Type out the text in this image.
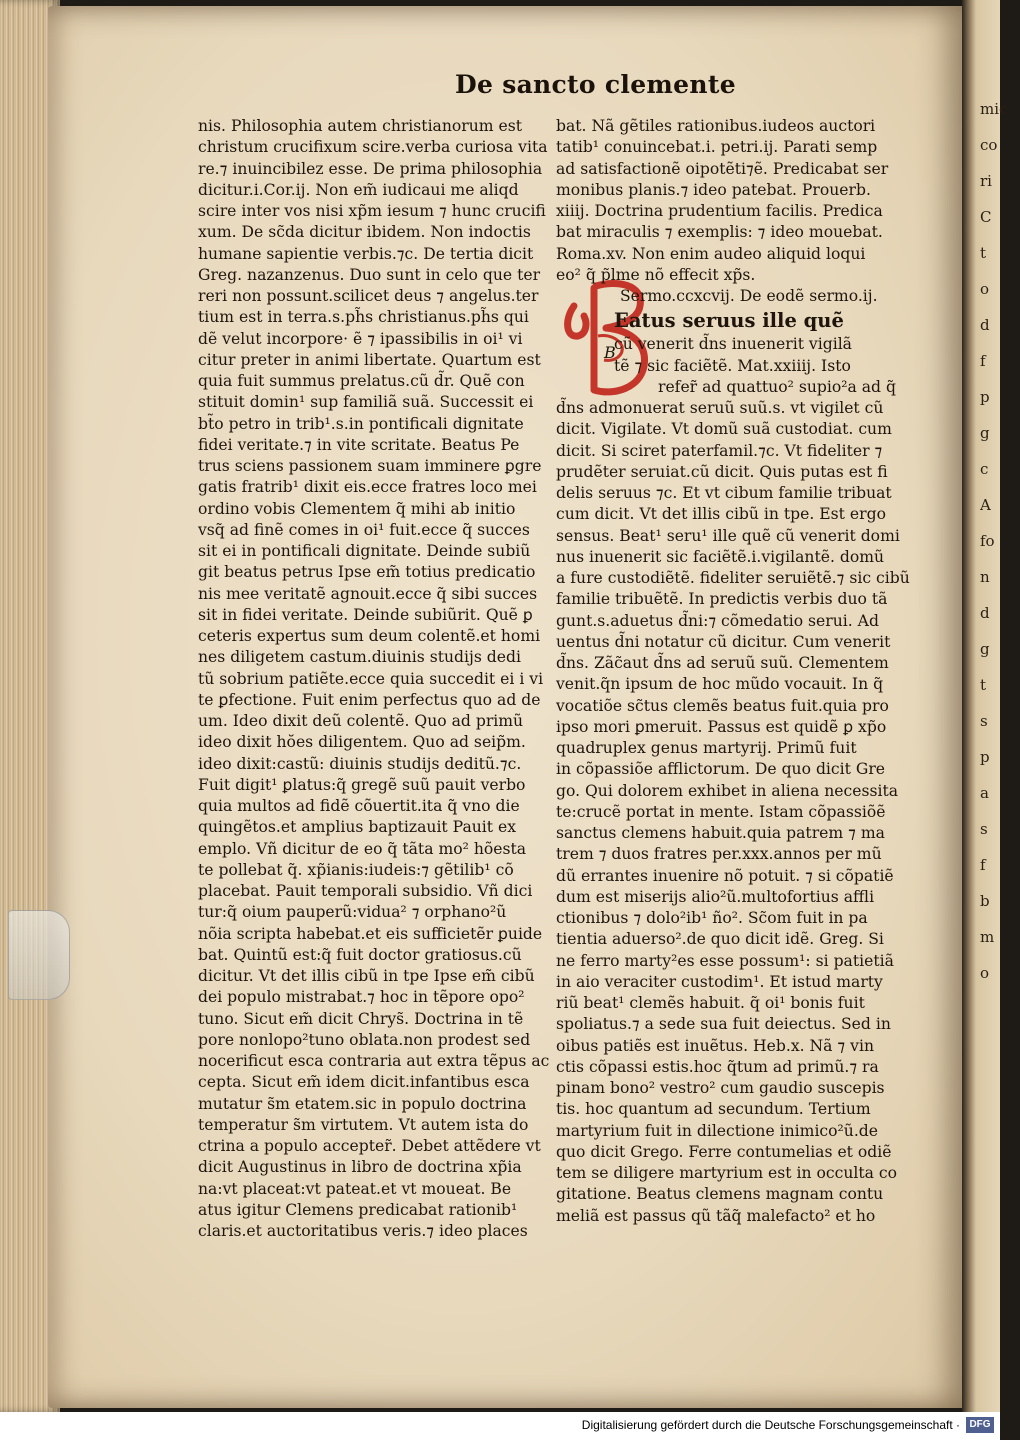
mic
co
ri
C
t
o
d
f
p
g
c
A
fo
n
d
g
t
s
p
a
s
f
b
m
o
De sancto clemente
nis. Philosophia autem christianorum est
christum crucifixum scire.verba curiosa vita
re.⁊ inuincibilez esse. De prima philosophia
dicitur.i.Cor.ij. Non em̃ iudicaui me aliqd
scire inter vos nisi xp̃m iesum ⁊ hunc crucifi
xum. De sc̃da dicitur ibidem. Non indoctis
humane sapientie verbis.⁊c. De tertia dicit
Greg. nazanzenus. Duo sunt in celo que ter
reri non possunt.scilicet deus ⁊ angelus.ter
tium est in terra.s.ph̃s christianus.ph̃s qui
dẽ velut incorpore· ẽ ⁊ ipassibilis in oi¹ vi
citur preter in animi libertate. Quartum est
quia fuit summus prelatus.cũ d̃r. Quẽ con
stituit domin¹ sup familiã suã. Successit ei
bt̃o petro in trib¹.s.in pontificali dignitate
fidei veritate.⁊ in vite scritate. Beatus Pe
trus sciens passionem suam imminere ꝑgre
gatis fratrib¹ dixit eis.ecce fratres loco mei
ordino vobis Clementem q̃ mihi ab initio
vsq̃ ad finẽ comes in oi¹ fuit.ecce q̃ succes
sit ei in pontificali dignitate. Deinde subiũ
git beatus petrus Ipse em̃ totius predicatio
nis mee veritatẽ agnouit.ecce q̃ sibi succes
sit in fidei veritate. Deinde subiũrit. Quẽ ꝑ
ceteris expertus sum deum colentẽ.et homi
nes diligetem castum.diuinis studijs dedi
tũ sobrium patiẽte.ecce quia succedit ei i vi
te ꝑfectione. Fuit enim perfectus quo ad de
um. Ideo dixit deũ colentẽ. Quo ad primũ
ideo dixit hŏes diligentem. Quo ad seip̃m.
ideo dixit:castũ: diuinis studijs deditũ.⁊c.
Fuit digit¹ ꝑlatus:q̃ gregẽ suũ pauit verbo
quia multos ad fidẽ cõuertit.ita q̃ vno die
quingẽtos.et amplius baptizauit Pauit ex
emplo. Vñ dicitur de eo q̃ tãta mo² hõesta
te pollebat q̃. xp̃ianis:iudeis:⁊ gẽtilib¹ cõ
placebat. Pauit temporali subsidio. Vñ dici
tur:q̃ oium pauperũ:vidua² ⁊ orphano²ũ
nõia scripta habebat.et eis sufficietẽr ꝑuide
bat. Quintũ est:q̃ fuit doctor gratiosus.cũ
dicitur. Vt det illis cibũ in tpe Ipse em̃ cibũ
dei populo mistrabat.⁊ hoc in tẽpore opo²
tuno. Sicut em̃ dicit Chrys̃. Doctrina in tẽ
pore nonlopo²tuno oblata.non prodest sed
nocerificut esca contraria aut extra tẽpus ac
cepta. Sicut em̃ idem dicit.infantibus esca
mutatur s̃m etatem.sic in populo doctrina
temperatur s̃m virtutem. Vt autem ista do
ctrina a populo accepter̃. Debet attẽdere vt
dicit Augustinus in libro de doctrina xp̃ia
na:vt placeat:vt pateat.et vt moueat. Be
atus igitur Clemens predicabat rationib¹
claris.et auctoritatibus veris.⁊ ideo places
B
bat. Nã gẽtiles rationibus.iudeos auctori
tatib¹ conuincebat.i. petri.ij. Parati semp
ad satisfactionẽ oipotẽti⁊ẽ. Predicabat ser
monibus planis.⁊ ideo patebat. Prouerb.
xiiij. Doctrina prudentium facilis. Predica
bat miraculis ⁊ exemplis: ⁊ ideo mouebat.
Roma.xv. Non enim audeo aliquid loqui
eo² q̃ p̃lme nõ effecit xp̃s.
Sermo.ccxcvij. De eodẽ sermo.ij.
Eatus seruus ille quẽ
cũ venerit d̃ns inuenerit vigilã
tẽ ⁊ sic faciẽtẽ. Mat.xxiiij. Isto
refer̃ ad quattuo² supio²a ad q̃
d̃ns admonuerat seruũ suũ.s. vt vigilet cũ
dicit. Vigilate. Vt domũ suã custodiat. cum
dicit. Si sciret paterfamil.⁊c. Vt fideliter ⁊
prudẽter seruiat.cũ dicit. Quis putas est fi
delis seruus ⁊c. Et vt cibum familie tribuat
cum dicit. Vt det illis cibũ in tpe. Est ergo
sensus. Beat¹ seru¹ ille quẽ cũ venerit domi
nus inuenerit sic faciẽtẽ.i.vigilantẽ. domũ
a fure custodiẽtẽ. fideliter seruiẽtẽ.⁊ sic cibũ
familie tribuẽtẽ. In predictis verbis duo tã
gunt.s.aduetus d̃ni:⁊ cõmedatio serui. Ad
uentus d̃ni notatur cũ dicitur. Cum venerit
d̃ns. Zãc̃aut d̃ns ad seruũ suũ. Clementem
venit.q̃n ipsum de hoc mũdo vocauit. In q̃
vocatiõe sc̃tus clemẽs beatus fuit.quia pro
ipso mori ꝑmeruit. Passus est quidẽ ꝑ xp̃o
quadruplex genus martyrij. Primũ fuit
in cõpassiõe afflictorum. De quo dicit Gre
go. Qui dolorem exhibet in aliena necessita
te:crucẽ portat in mente. Istam cõpassiõẽ
sanctus clemens habuit.quia patrem ⁊ ma
trem ⁊ duos fratres per.xxx.annos per mũ
dũ errantes inuenire nõ potuit. ⁊ si cõpatiẽ
dum est miserijs alio²ũ.multofortius affli
ctionibus ⁊ dolo²ib¹ ño². Sc̃om fuit in pa
tientia aduerso².de quo dicit idẽ. Greg. Si
ne ferro marty²es esse possum¹: si patietiã
in aio veraciter custodim¹. Et istud marty
riũ beat¹ clemẽs habuit. q̃ oi¹ bonis fuit
spoliatus.⁊ a sede sua fuit deiectus. Sed in
oibus patiẽs est inuẽtus. Heb.x. Nã ⁊ vin
ctis cõpassi estis.hoc q̃tum ad primũ.⁊ ra
pinam bono² vestro² cum gaudio suscepis
tis. hoc quantum ad secundum. Tertium
martyrium fuit in dilectione inimico²ũ.de
quo dicit Grego. Ferre contumelias et odiẽ
tem se diligere martyrium est in occulta co
gitatione. Beatus clemens magnam contu
meliã est passus qũ tãq̃ malefacto² et ho
Digitalisierung gefördert durch die Deutsche Forschungsgemeinschaft · DFG
